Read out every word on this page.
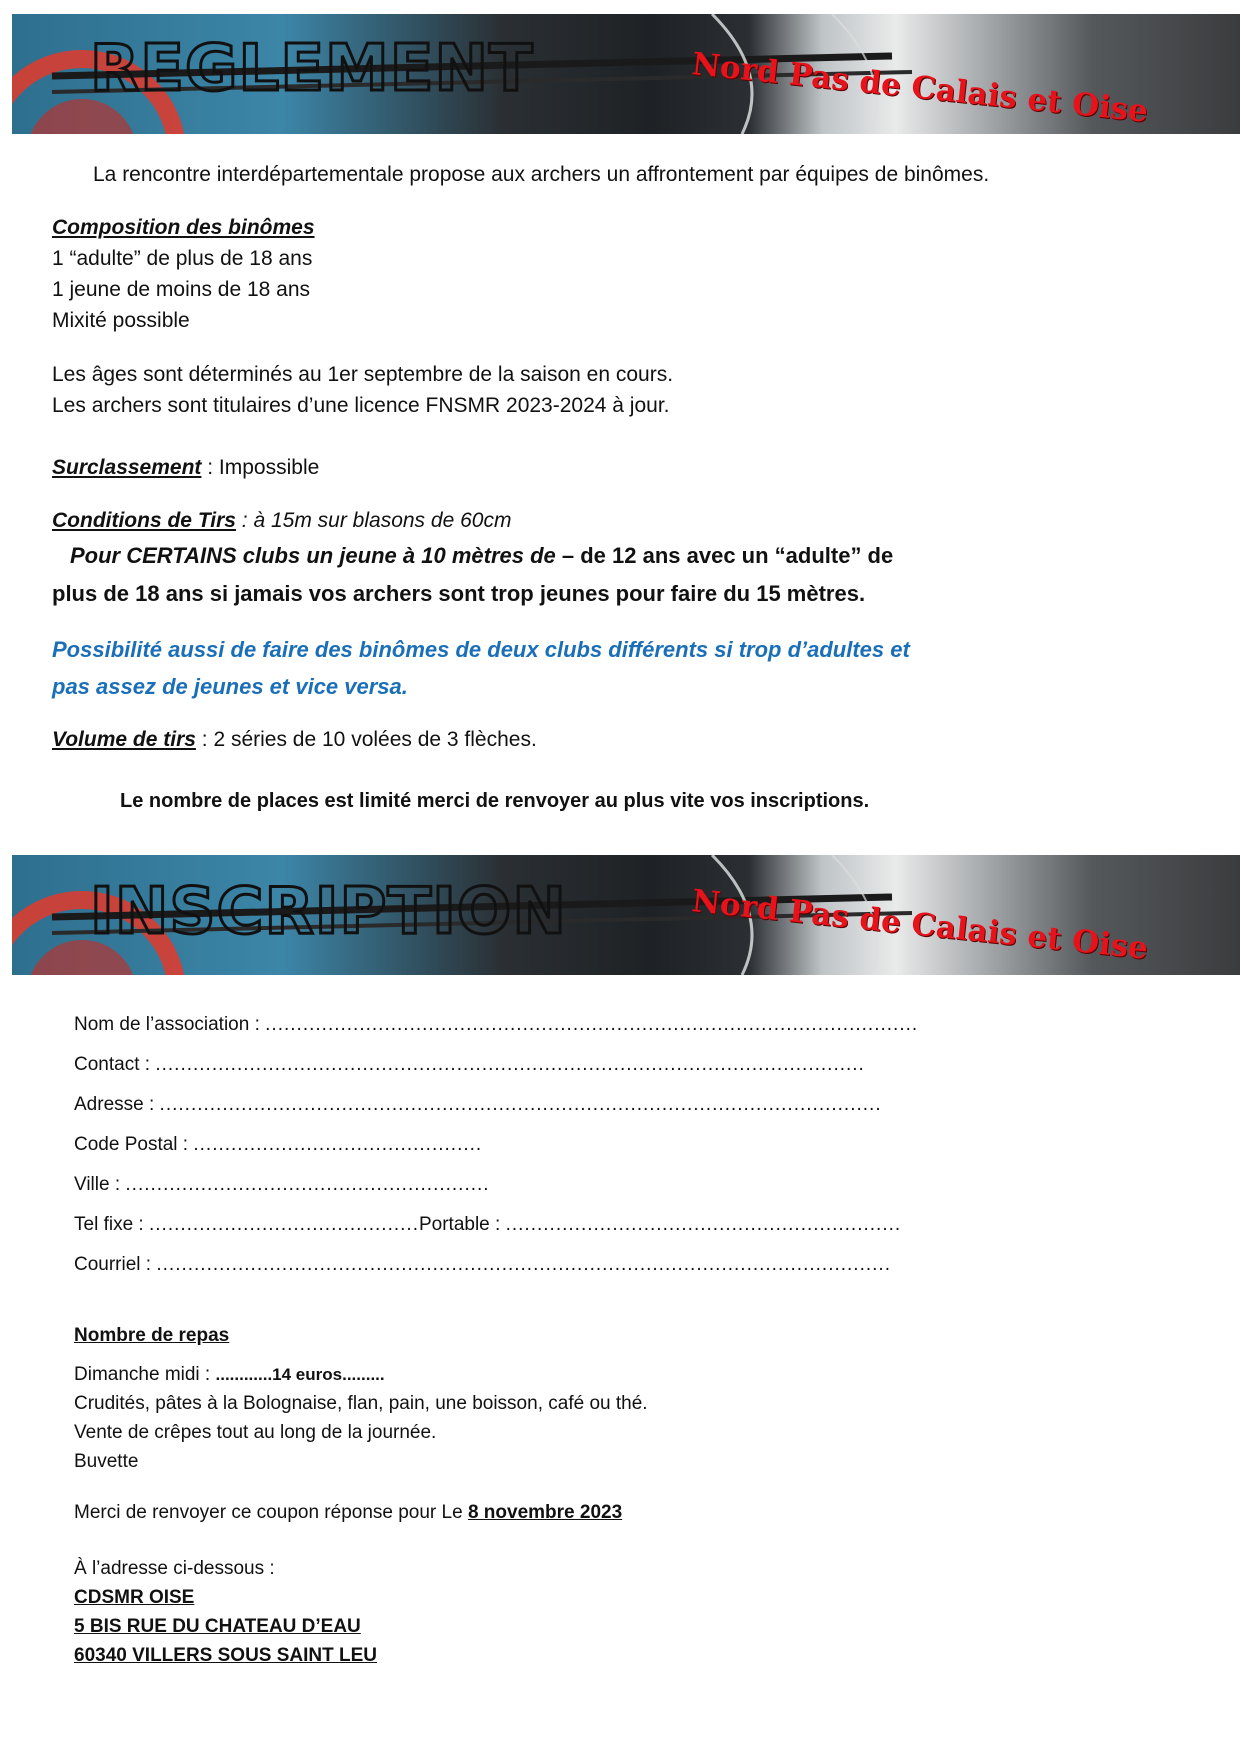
REGLEMENT	Nord Pas de Calais et Oise
La rencontre interdépartementale propose aux archers un affrontement par équipes de binômes.
Composition des binômes
1 “adulte” de plus de 18 ans
1 jeune de moins de 18 ans
Mixité possible
Les âges sont déterminés au 1er septembre de la saison en cours.
Les archers sont titulaires d’une licence FNSMR 2023-2024 à jour.
Surclassement : Impossible
Conditions de Tirs : à 15m sur blasons de 60cm
Pour CERTAINS clubs un jeune à 10 mètres de – de 12 ans avec un “adulte” de
plus de 18 ans si jamais vos archers sont trop jeunes pour faire du 15 mètres.
Possibilité aussi de faire des binômes de deux clubs différents si trop d’adultes et
pas assez de jeunes et vice versa.
Volume de tirs : 2 séries de 10 volées de 3 flèches.
Le nombre de places est limité merci de renvoyer au plus vite vos inscriptions.
INSCRIPTION	Nord Pas de Calais et Oise
Nom de l’association : ........................................................................................................
Contact : .................................................................................................................
Adresse : ...................................................................................................................
Code Postal : ..............................................
Ville : ..........................................................
Tel fixe : ...........................................Portable : ...............................................................
Courriel : .....................................................................................................................
Nombre de repas
Dimanche midi : ............14 euros.........
Crudités, pâtes à la Bolognaise, flan, pain, une boisson, café ou thé.
Vente de crêpes tout au long de la journée.
Buvette
Merci de renvoyer ce coupon réponse pour Le 8 novembre 2023
À l’adresse ci-dessous :
CDSMR OISE
5 BIS RUE DU CHATEAU D’EAU
60340 VILLERS SOUS SAINT LEU
